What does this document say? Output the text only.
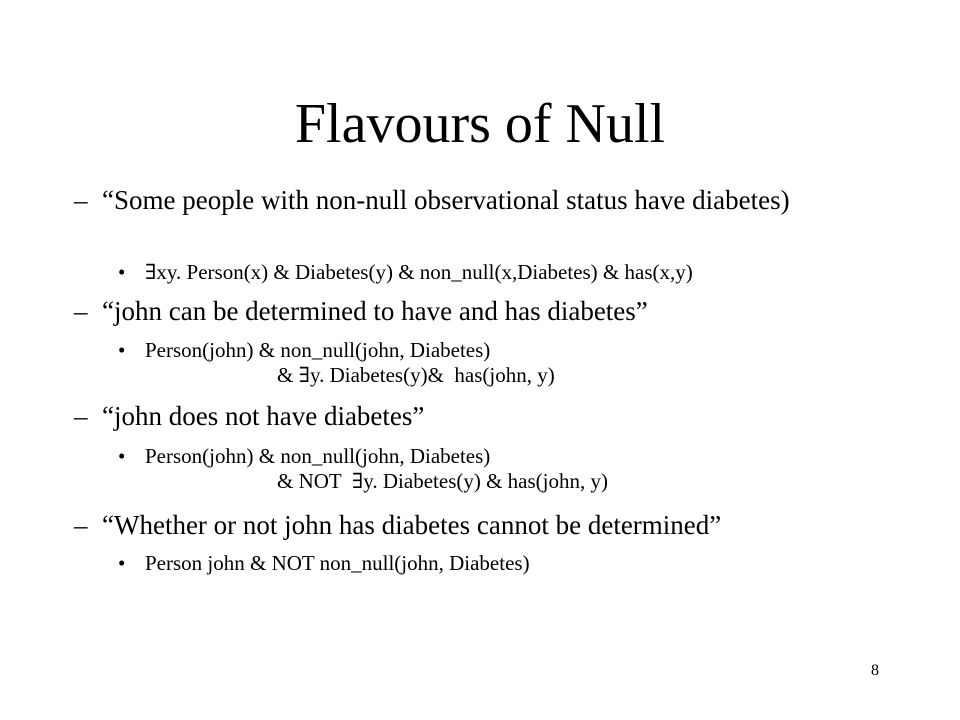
Flavours of Null
– “Some people with non-null observational status have diabetes)
• ∃xy. Person(x) & Diabetes(y) & non_null(x,Diabetes) & has(x,y)
– “john can be determined to have and has diabetes”
• Person(john) & non_null(john, Diabetes)
& ∃y. Diabetes(y)&  has(john, y)
– “john does not have diabetes”
• Person(john) & non_null(john, Diabetes)
& NOT  ∃y. Diabetes(y) & has(john, y)
– “Whether or not john has diabetes cannot be determined”
• Person john & NOT non_null(john, Diabetes)
8
